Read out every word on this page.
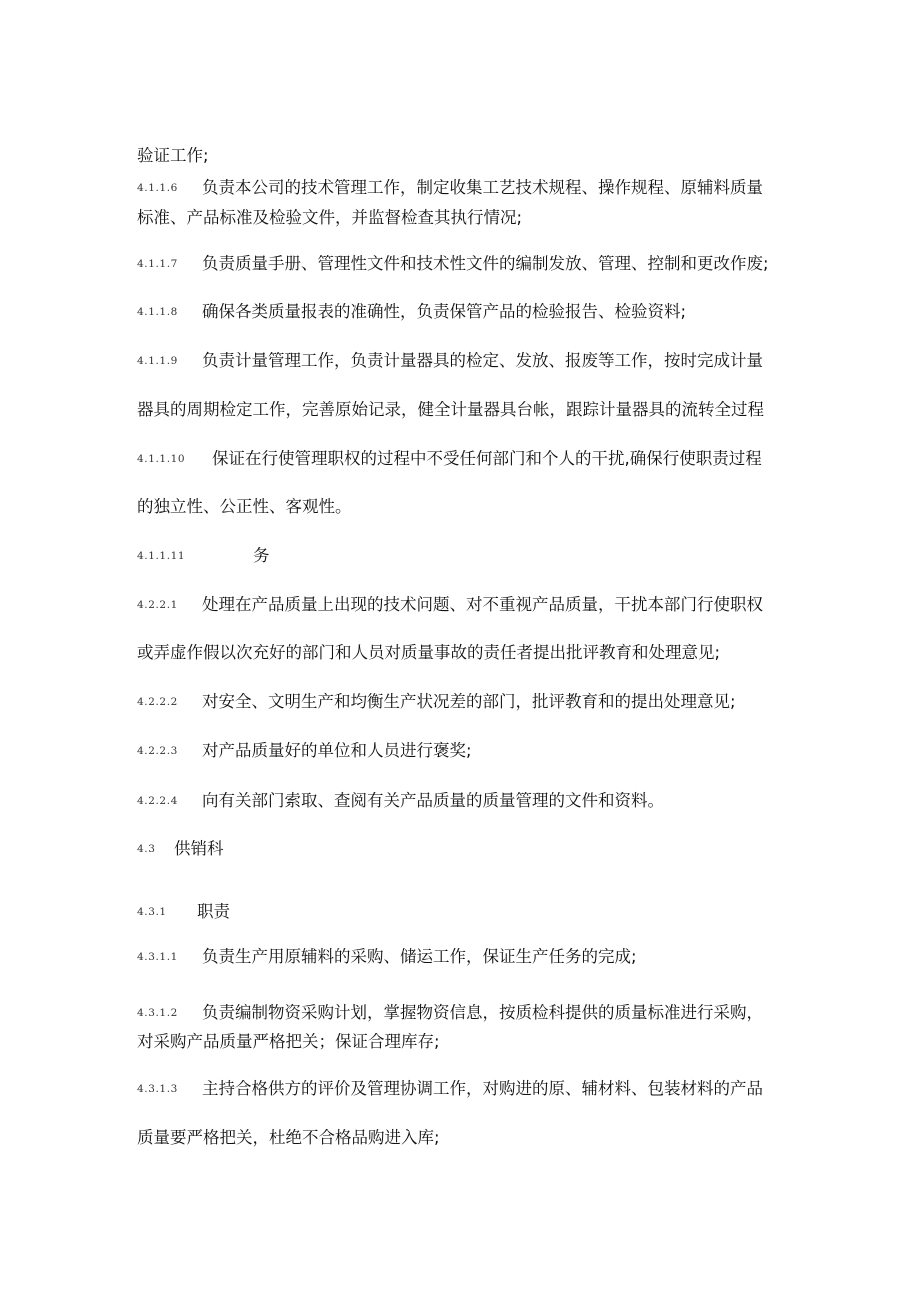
验证工作;
4.1.1.6 负责本公司的技术管理工作，制定收集工艺技术规程、操作规程、原辅料质量
标准、产品标准及检验文件，并监督检查其执行情况;
4.1.1.7 负责质量手册、管理性文件和技术性文件的编制发放、管理、控制和更改作废;
4.1.1.8 确保各类质量报表的准确性，负责保管产品的检验报告、检验资料;
4.1.1.9 负责计量管理工作，负责计量器具的检定、发放、报废等工作，按时完成计量
器具的周期检定工作，完善原始记录，健全计量器具台帐，跟踪计量器具的流转全过程
4.1.1.10 保证在行使管理职权的过程中不受任何部门和个人的干扰,确保行使职责过程
的独立性、公正性、客观性。
4.1.1.11	务
4.2.2.1 处理在产品质量上出现的技术问题、对不重视产品质量，干扰本部门行使职权
或弄虚作假以次充好的部门和人员对质量事故的责任者提出批评教育和处理意见;
4.2.2.2 对安全、文明生产和均衡生产状况差的部门，批评教育和的提出处理意见;
4.2.2.3 对产品质量好的单位和人员进行褒奖;
4.2.2.4 向有关部门索取、查阅有关产品质量的质量管理的文件和资料。
4.3 供销科
4.3.1 职责
4.3.1.1 负责生产用原辅料的采购、储运工作，保证生产任务的完成;
4.3.1.2 负责编制物资采购计划，掌握物资信息，按质检科提供的质量标准进行采购，
对采购产品质量严格把关；保证合理库存;
4.3.1.3 主持合格供方的评价及管理协调工作，对购进的原、辅材料、包装材料的产品
质量要严格把关，杜绝不合格品购进入库;
